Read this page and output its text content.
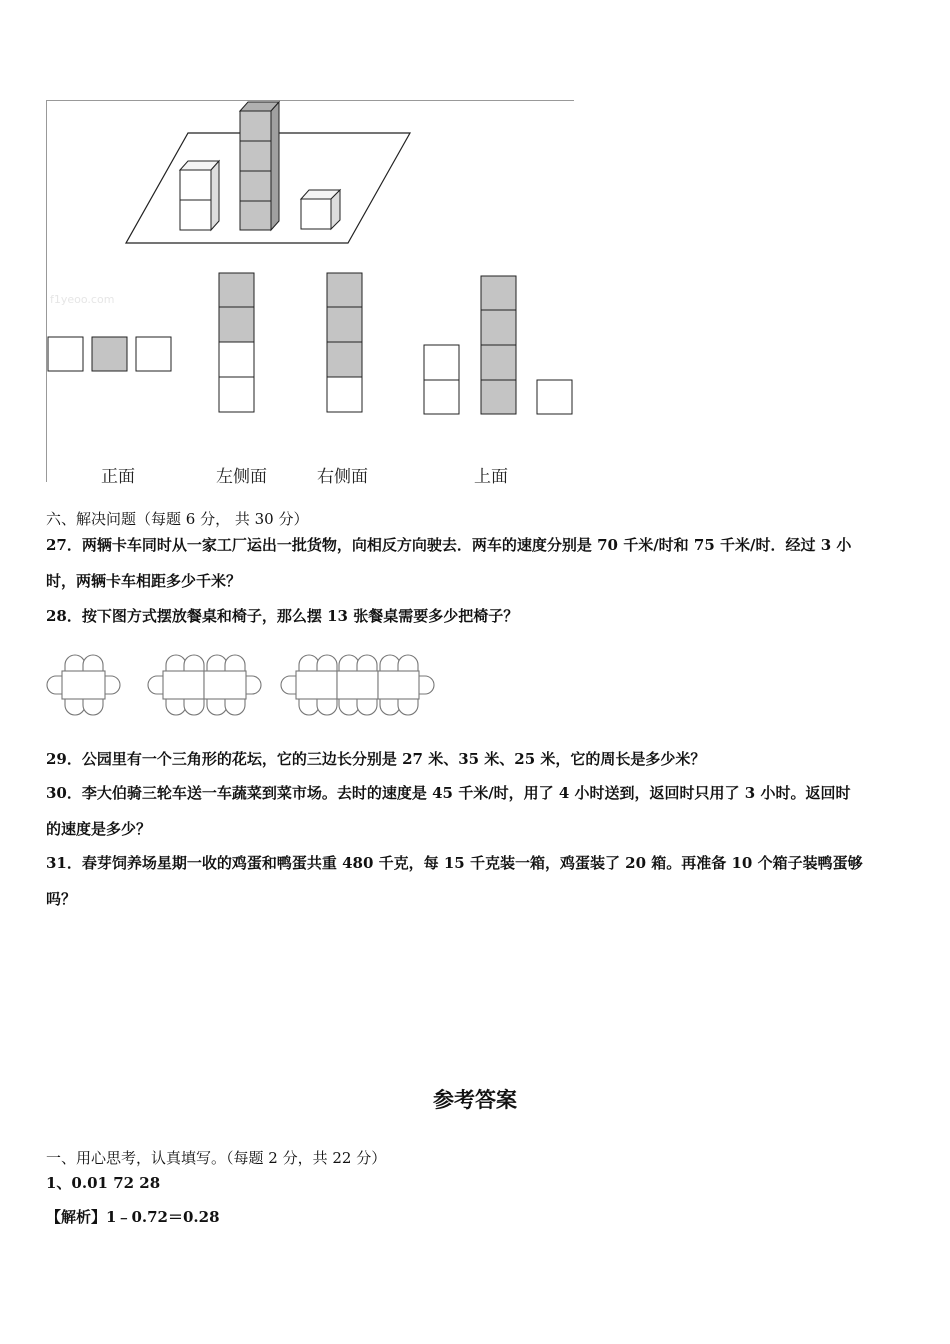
f1yeoo.com
正面	左侧面	右侧面	上面
六、解决问题（每题 6 分， 共 30 分）
27．两辆卡车同时从一家工厂运出一批货物，向相反方向驶去．两车的速度分别是 70 千米/时和 75 千米/时．经过 3 小
时，两辆卡车相距多少千米？
28．按下图方式摆放餐桌和椅子，那么摆 13 张餐桌需要多少把椅子？
29．公园里有一个三角形的花坛，它的三边长分别是 27 米、35 米、25 米，它的周长是多少米？
30．李大伯骑三轮车送一车蔬菜到菜市场。去时的速度是 45 千米/时，用了 4 小时送到，返回时只用了 3 小时。返回时
的速度是多少？
31．春芽饲养场星期一收的鸡蛋和鸭蛋共重 480 千克，每 15 千克装一箱，鸡蛋装了 20 箱。再准备 10 个箱子装鸭蛋够
吗？
参考答案
一、用心思考，认真填写。（每题 2 分，共 22 分）
1、0.01 72 28
【解析】1﹣0.72＝0.28
